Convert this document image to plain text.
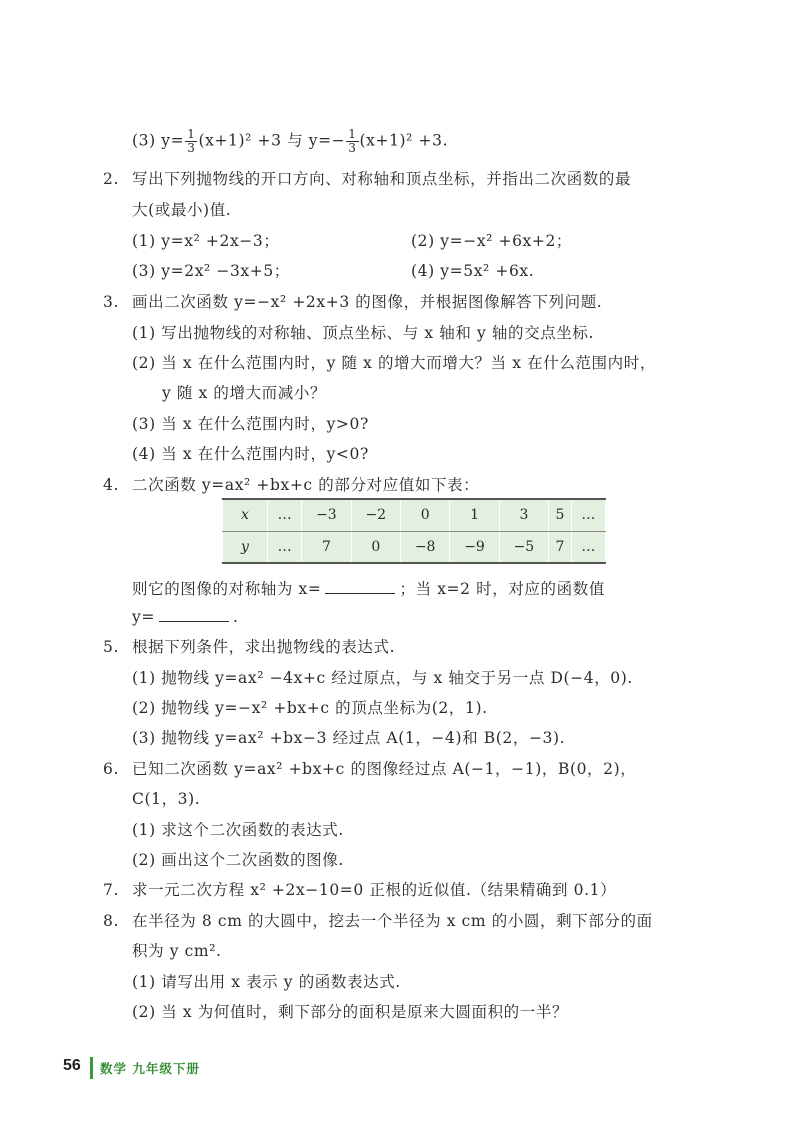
(3) $y= \frac{1}{3} (x+1)^2 +3$ 与 $y=- \frac{1}{3} (x+1)^2 +3$.
2. 写出下列抛物线的开口方向、对称轴和顶点坐标，并指出二次函数的最
大(或最小)值.
(1) y=x² +2x−3；	(2) y=−x² +6x+2；
(3) y=2x² −3x+5；	(4) y=5x² +6x.
3. 画出二次函数 y=−x² +2x+3 的图像，并根据图像解答下列问题.
(1) 写出抛物线的对称轴、顶点坐标、与 x 轴和 y 轴的交点坐标.
(2) 当 x 在什么范围内时，y 随 x 的增大而增大？当 x 在什么范围内时，
y 随 x 的增大而减小？
(3) 当 x 在什么范围内时，y>0?
(4) 当 x 在什么范围内时，y<0?
4. 二次函数 y=ax² +bx+c 的部分对应值如下表：
x	…	−3	−2	0	1	3	5	…
y	…	7	0	−8	−9	−5	7	…
则它的图像的对称轴为 x=	；当 x=2 时，对应的函数值
y=	.
5. 根据下列条件，求出抛物线的表达式.
(1) 抛物线 y=ax² −4x+c 经过原点，与 x 轴交于另一点 D(−4，0).
(2) 抛物线 y=−x² +bx+c 的顶点坐标为(2，1).
(3) 抛物线 y=ax² +bx−3 经过点 A(1，−4)和 B(2，−3).
6. 已知二次函数 y=ax² +bx+c 的图像经过点 A(−1，−1)，B(0，2)，
C(1，3).
(1) 求这个二次函数的表达式.
(2) 画出这个二次函数的图像.
7. 求一元二次方程 x² +2x−10=0 正根的近似值.（结果精确到 0.1）
8. 在半径为 8 cm 的大圆中，挖去一个半径为 x cm 的小圆，剩下部分的面
积为 y cm².
(1) 请写出用 x 表示 y 的函数表达式.
(2) 当 x 为何值时，剩下部分的面积是原来大圆面积的一半？
56 数学 九年级下册
